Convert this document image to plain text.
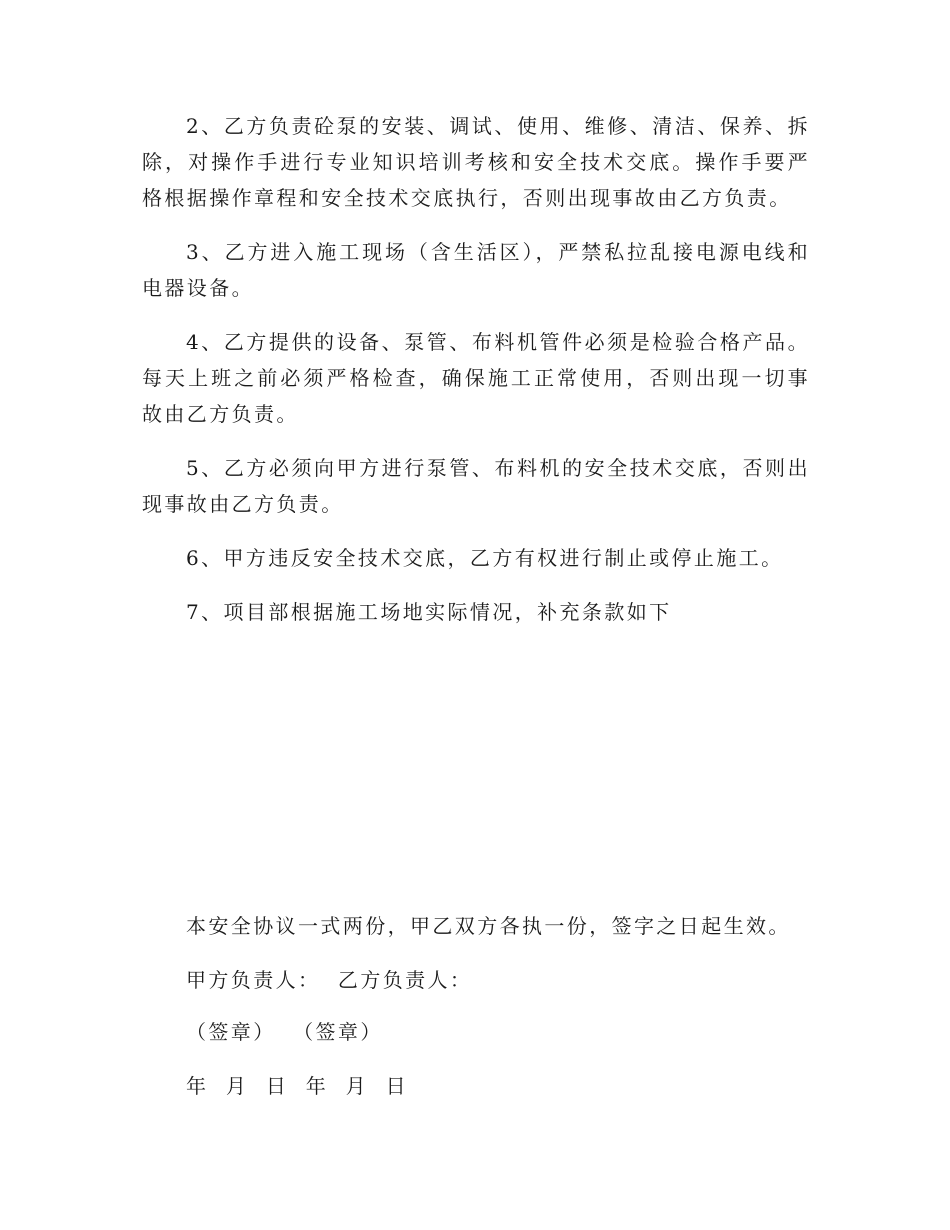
2、乙方负责砼泵的安装、调试、使用、维修、清洁、保养、拆除，对操作手进行专业知识培训考核和安全技术交底。操作手要严格根据操作章程和安全技术交底执行，否则出现事故由乙方负责。

3、乙方进入施工现场（含生活区），严禁私拉乱接电源电线和电器设备。

4、乙方提供的设备、泵管、布料机管件必须是检验合格产品。每天上班之前必须严格检查，确保施工正常使用，否则出现一切事故由乙方负责。

5、乙方必须向甲方进行泵管、布料机的安全技术交底，否则出现事故由乙方负责。

6、甲方违反安全技术交底，乙方有权进行制止或停止施工。

7、项目部根据施工场地实际情况，补充条款如下

本安全协议一式两份，甲乙双方各执一份，签字之日起生效。

甲方负责人：  乙方负责人：

（签章）  （签章）

年  月  日  年  月  日
